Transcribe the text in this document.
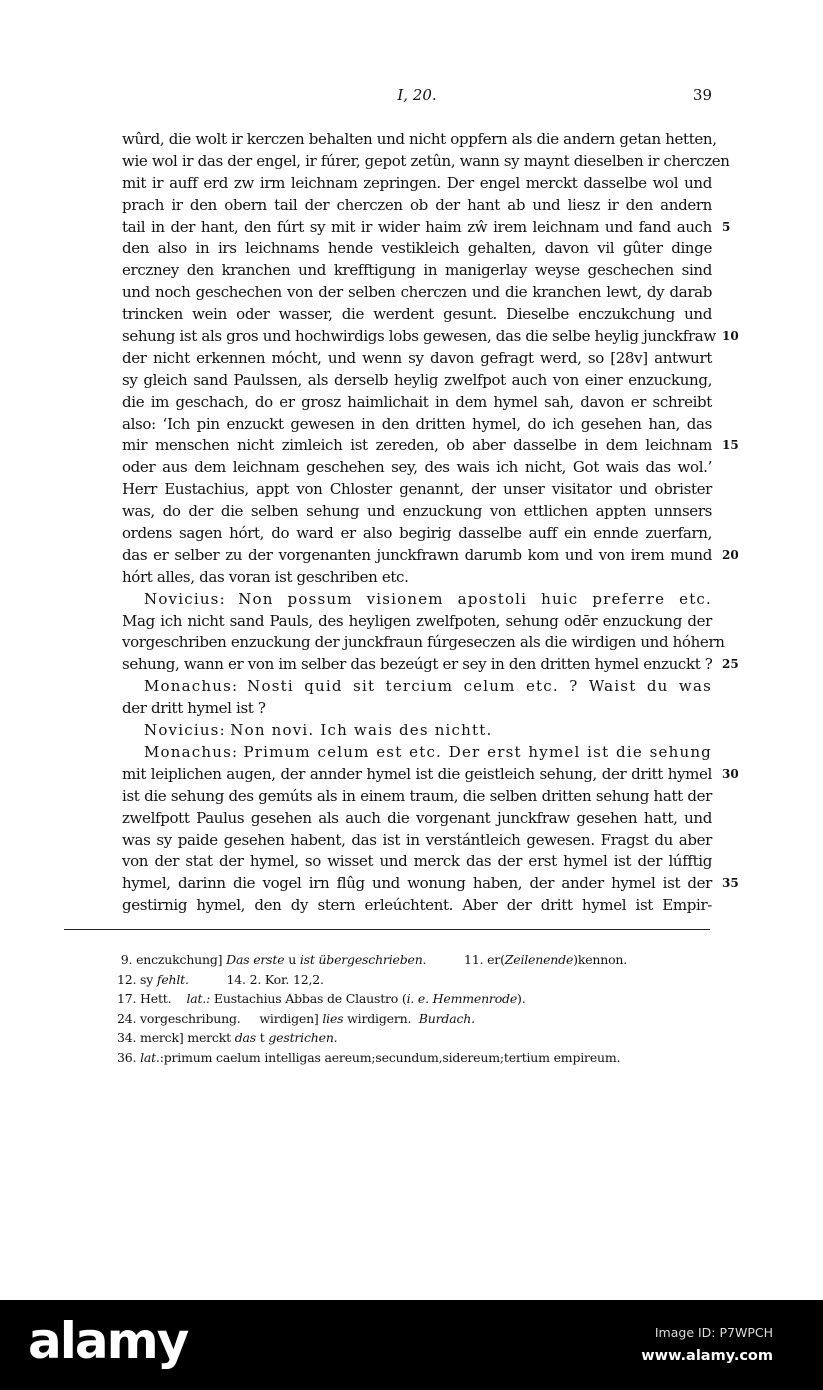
I, 20.	39
wûrd, die wolt ir kerczen behalten und nicht oppfern als die andern getan hetten,
wie wol ir das der engel, ir fúrer, gepot zetûn, wann sy maynt dieselben ir cherczen
mit ir auff erd zw irm leichnam zepringen. Der engel merckt dasselbe wol und
prach ir den obern tail der cherczen ob der hant ab und liesz ir den andern
tail in der hant, den fúrt sy mit ir wider haim zŵ irem leichnam und fand auch 5
den also in irs leichnams hende vestikleich gehalten, davon vil gûter dinge
erczney den kranchen und krefftigung in manigerlay weyse geschechen sind
und noch geschechen von der selben cherczen und die kranchen lewt, dy darab
trincken wein oder wasser, die werdent gesunt. Dieselbe enczukchung und
sehung ist als gros und hochwirdigs lobs gewesen, das die selbe heylig junckfraw 10
der nicht erkennen mócht, und wenn sy davon gefragt werd, so [28v] antwurt
sy gleich sand Paulssen, als derselb heylig zwelfpot auch von einer enzuckung,
die im geschach, do er grosz haimlichait in dem hymel sah, davon er schreibt
also: ‘Ich pin enzuckt gewesen in den dritten hymel, do ich gesehen han, das
mir menschen nicht zimleich ist zereden, ob aber dasselbe in dem leichnam 15
oder aus dem leichnam geschehen sey, des wais ich nicht, Got wais das wol.’
Herr Eustachius, appt von Chloster genannt, der unser visitator und obrister
was, do der die selben sehung und enzuckung von ettlichen appten unnsers
ordens sagen hórt, do ward er also begirig dasselbe auff ein ennde zuerfarn,
das er selber zu der vorgenanten junckfrawn darumb kom und von irem mund 20
hórt alles, das voran ist geschriben etc.
Novicius: Non possum visionem apostoli huic preferre etc.
Mag ich nicht sand Pauls, des heyligen zwelfpoten, sehung odēr enzuckung der
vorgeschriben enzuckung der junckfraun fúrgeseczen als die wirdigen und hóhern
sehung, wann er von im selber das bezeúgt er sey in den dritten hymel enzuckt ? 25
Monachus: Nosti quid sit tercium celum etc. ? Waist du was
der dritt hymel ist ?
Novicius: Non novi. Ich wais des nichtt.
Monachus: Primum celum est etc. Der erst hymel ist die sehung
mit leiplichen augen, der annder hymel ist die geistleich sehung, der dritt hymel 30
ist die sehung des gemúts als in einem traum, die selben dritten sehung hatt der
zwelfpott Paulus gesehen als auch die vorgenant junckfraw gesehen hatt, und
was sy paide gesehen habent, das ist in verstántleich gewesen. Fragst du aber
von der stat der hymel, so wisset und merck das der erst hymel ist der lúfftig
hymel, darinn die vogel irn flûg und wonung haben, der ander hymel ist der 35
gestirnig hymel, den dy stern erleúchtent. Aber der dritt hymel ist Empir-
9. enczukchung] Das erste u ist übergeschrieben.          11. er(Zeilenende)kennon.
12. sy fehlt.          14. 2. Kor. 12,2.
17. Hett.    lat.: Eustachius Abbas de Claustro (i. e. Hemmenrode).
24. vorgeschribung.     wirdigen] lies wirdigern.  Burdach.
34. merck] merckt das t gestrichen.
36. lat.:primum caelum intelligas aereum;secundum,sidereum;tertium empireum.
alamy	Image ID: P7WPCH
www.alamy.com
